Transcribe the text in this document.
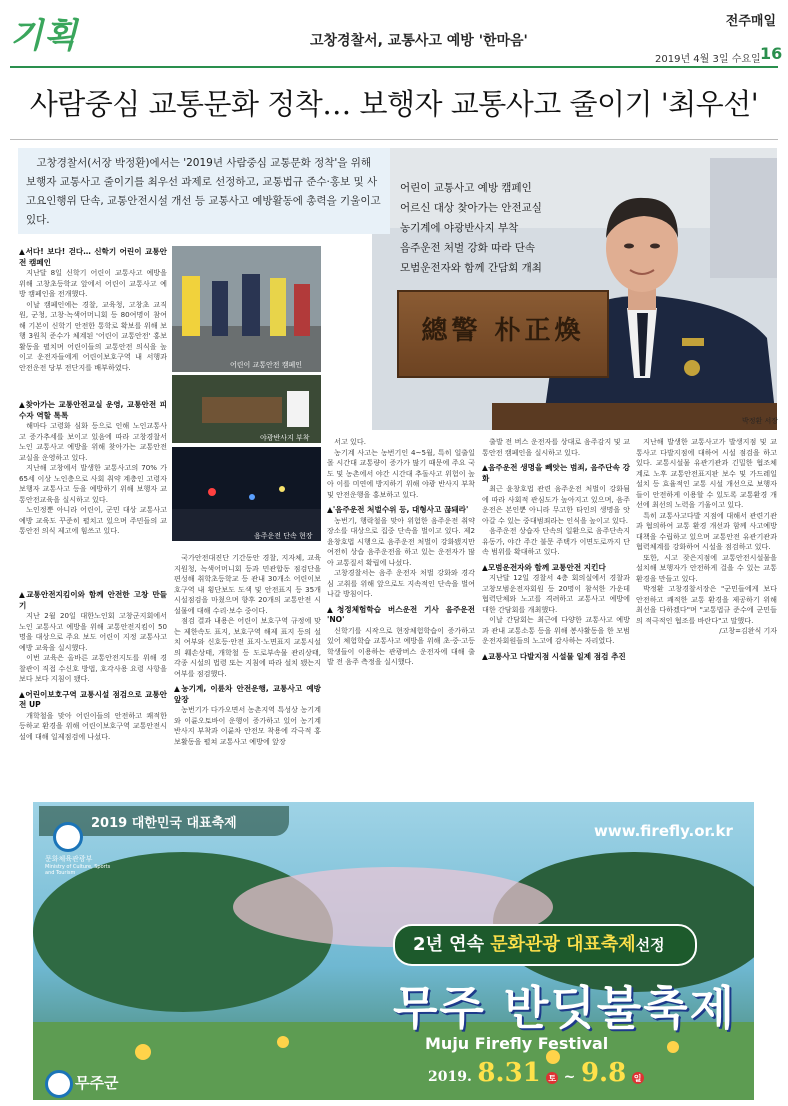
기획	고창경찰서, 교통사고 예방 '한마음'
전주매일
2019년 4월 3일 수요일 16
사람중심 교통문화 정착… 보행자 교통사고 줄이기 '최우선'
總警 朴正煥
어린이 교통사고 예방 캠페인
어르신 대상 찾아가는 안전교실
농기계에 야광반사지 부착
음주운전 처벌 강화 따라 단속
모범운전자와 함께 간담회 개최
박정환 서장
고창경찰서(서장 박정환)에서는 '2019년 사람중심 교통문화 정착'을 위해 보행자 교통사고 줄이기를 최우선 과제로 선정하고, 교통법규 준수·홍보 및 사고요인행위 단속, 교통안전시설 개선 등 교통사고 예방활동에 총력을 기울이고 있다.
어린이 교통안전 캠페인
야광반사지 부착
음주운전 단속 현장
▲서다! 보다! 걷다… 신학기 어린이 교통안전 캠페인
지난달 8일 신학기 어린이 교통사고 예방을 위해 고창초등학교 앞에서 어린이 교통사고 예방 캠페인을 전개했다.
이날 캠페인에는 경찰, 교육청, 고창초 교직원, 군청, 고창·녹색어머니회 등 80여명이 참여해 기본이 신학기 안전한 통학로 확보를 위해 보행 3원칙 준수가 체계된 '어린이 교통안전' 홍보활동을 펼치며 어린이들의 교통안전 의식을 높이고 운전자들에게 어린이보호구역 내 서행과 안전운전 당부 전단지를 배부하였다.
▲찾아가는 교통안전교실 운영, 교통안전 피수자 역할 톡톡
해마다 고령화 심화 등으로 인해 노인교통사고 증가추세를 보이고 있음에 따라 고창경찰서 노인 교통사고 예방을 위해 찾아가는 교통안전교실을 운영하고 있다.
지난해 고창에서 발생한 교통사고의 70% 가 65세 이상 노인층으로 사회 취약 계층인 고령자 보행자 교통사고 등을 예방하기 위해 보행자 교통안전교육을 실시하고 있다.
노인정뿐 아니라 어린이, 군민 대상 교통사고 예방 교육도 꾸준히 펼치고 있으며 주민들의 교통안전 의식 제고에 힘쓰고 있다.
▲교통안전지킴이와 함께 안전한 고창 만들기
지난 2월 20일 대한노인회 고창군지회에서 노인 교통사고 예방을 위해 교통안전지킴이 50명을 대상으로 주요 보도 어린이 지정 교통사고예방 교육을 실시했다.
이번 교육은 올바른 교통안전지도를 위해 경찰관이 직접 수신호 방법, 호각사용 요령 사항을 보다 보다 지침이 됐다.
▲어린이보호구역 교통시설 점검으로 교통안전 UP
개학철을 맞아 어린이들의 안전하고 쾌적한 등하교 환경을 위해 어린이보호구역 교통안전시설에 대해 일제점검에 나섰다.
국가안전대진단 기간동안 경찰, 지자체, 교육지원청, 녹색어머니회 등과 민관합동 점검단을 편성해 취학초등학교 등 관내 30개소 어린이보호구역 내 횡단보도 도색 및 안전표지 등 35개 시설점검을 마쳤으며 향후 20개의 교통안전 시설물에 대해 수리·보수 중이다.
점검 결과 내용은 어린이 보호구역 규정에 맞는 제한속도 표지, 보호구역 해제 표지 등의 설치 여부와 신호등·안전 표지·노면표지 교통시설의 훼손상태, 개학철 등 도로부속물 관리상태, 각종 시설의 법령 또는 지침에 따라 설치 됐는지 여부를 점검했다.
▲농기계, 이륜차 안전운행, 교통사고 예방 앞장
농번기가 다가오면서 농촌지역 특성상 농기계와 이륜오토바이 운행이 증가하고 있어 농기계 반사지 부착과 이륜차 안전모 착용에 각극적 홍보활동을 펼쳐 교통사고 예방에 앞장
서고 있다.
농기계 사고는 농번기인 4~5월, 특히 일출일몰 시간대 교통량이 증가가 많기 때문에 주요 국도 및 농촌에서 야간 시간대 추돌사고 위험이 높아 이를 미연에 방지하기 위해 야광 반사지 부착 및 안전운행을 홍보하고 있다.
▲'음주운전 처벌수위 등, 대형사고 끊돼라'
농번기, 행락철을 맞아 위험한 음주운전 취약 장소를 대상으로 집중 단속을 벌이고 있다. 제2윤창호법 시행으로 음주운전 처벌이 강화됐지만 여전히 상습 음주운전을 하고 있는 운전자가 많아 교통질서 확립에 나섰다.
고창경찰서는 음주 운전자 처벌 강화와 경각심 고취를 위해 앞으로도 지속적인 단속을 벌여 나갈 방침이다.
▲청정체험학습 버스운전 기사 음주운전 'NO'
신학기를 시작으로 현장체험학습이 증가하고 있어 체험학습 교통사고 예방을 위해 초·중·고등학생들이 이용하는 관광버스 운전자에 대해 출발 전 음주 측정을 실시했다.
출발 전 버스 운전자를 상대로 음주감지 및 교통안전 캠페인을 실시하고 있다.
▲음주운전 생명을 빼앗는 범죄, 음주단속 강화
최근 윤창호법 관련 음주운전 처벌이 강화됨에 따라 사회적 관심도가 높아지고 있으며, 음주운전은 본인뿐 아니라 무고한 타인의 생명을 앗아갈 수 있는 중대범죄라는 인식을 높이고 있다.
음주운전 상습자 단속의 일환으로 음주단속지 유동가, 야간 주간 불문 주택가 이면도로까지 단속 범위를 확대하고 있다.
▲모범운전자와 함께 교통안전 지킨다
지난달 12일 경찰서 4층 회의실에서 경찰과 고창모범운전자회원 등 20명이 참석한 가운데 협력단체와 노고를 격려하고 교통사고 예방에 대한 간담회를 개최했다.
이날 간담회는 최근에 다양한 교통사고 예방과 관내 교통소통 등을 위해 봉사활동을 한 모범운전자회원들의 노고에 감사하는 자리였다.
▲교통사고 다발지점 시설물 일제 점검 추진
지난해 발생한 교통사고가 발생지점 및 교통사고 다발지점에 대하여 시설 점검을 하고 있다. 교통시설물 유관기관과 긴밀한 협조체계로 노후 교통안전표지판 보수 및 가드레일 설치 등 효율적인 교통 시설 개선으로 보행자들이 안전하게 이용할 수 있도록 교통환경 개선에 최선의 노력을 기울이고 있다.
특히 교통사고다발 지점에 대해서 관련기관과 협의하여 교통 환경 개선과 함께 사고예방대책을 수립하고 있으며 교통안전 유관기관과 협력체계를 강화하여 시설을 점검하고 있다.
또한, 시고 잦은지점에 교통안전시설물을 설치해 보행자가 안전하게 걸을 수 있는 교통 환경을 만들고 있다.
박정환 고창경찰서장은 "군민들에게 보다 안전하고 쾌적한 교통 환경을 제공하기 위해 최선을 다하겠다"며 "교통법규 준수에 군민들의 적극적인 협조를 바란다"고 말했다.
/고창=김완식 기자
2019 대한민국 대표축제
문화체육관광부
Ministry of Culture, Sports and Tourism
www.firefly.or.kr
2년 연속 문화관광 대표축제선정
무주 반딧불축제
Muju Firefly Festival
2019. 8.31 토 ~ 9.8 일
무주군
